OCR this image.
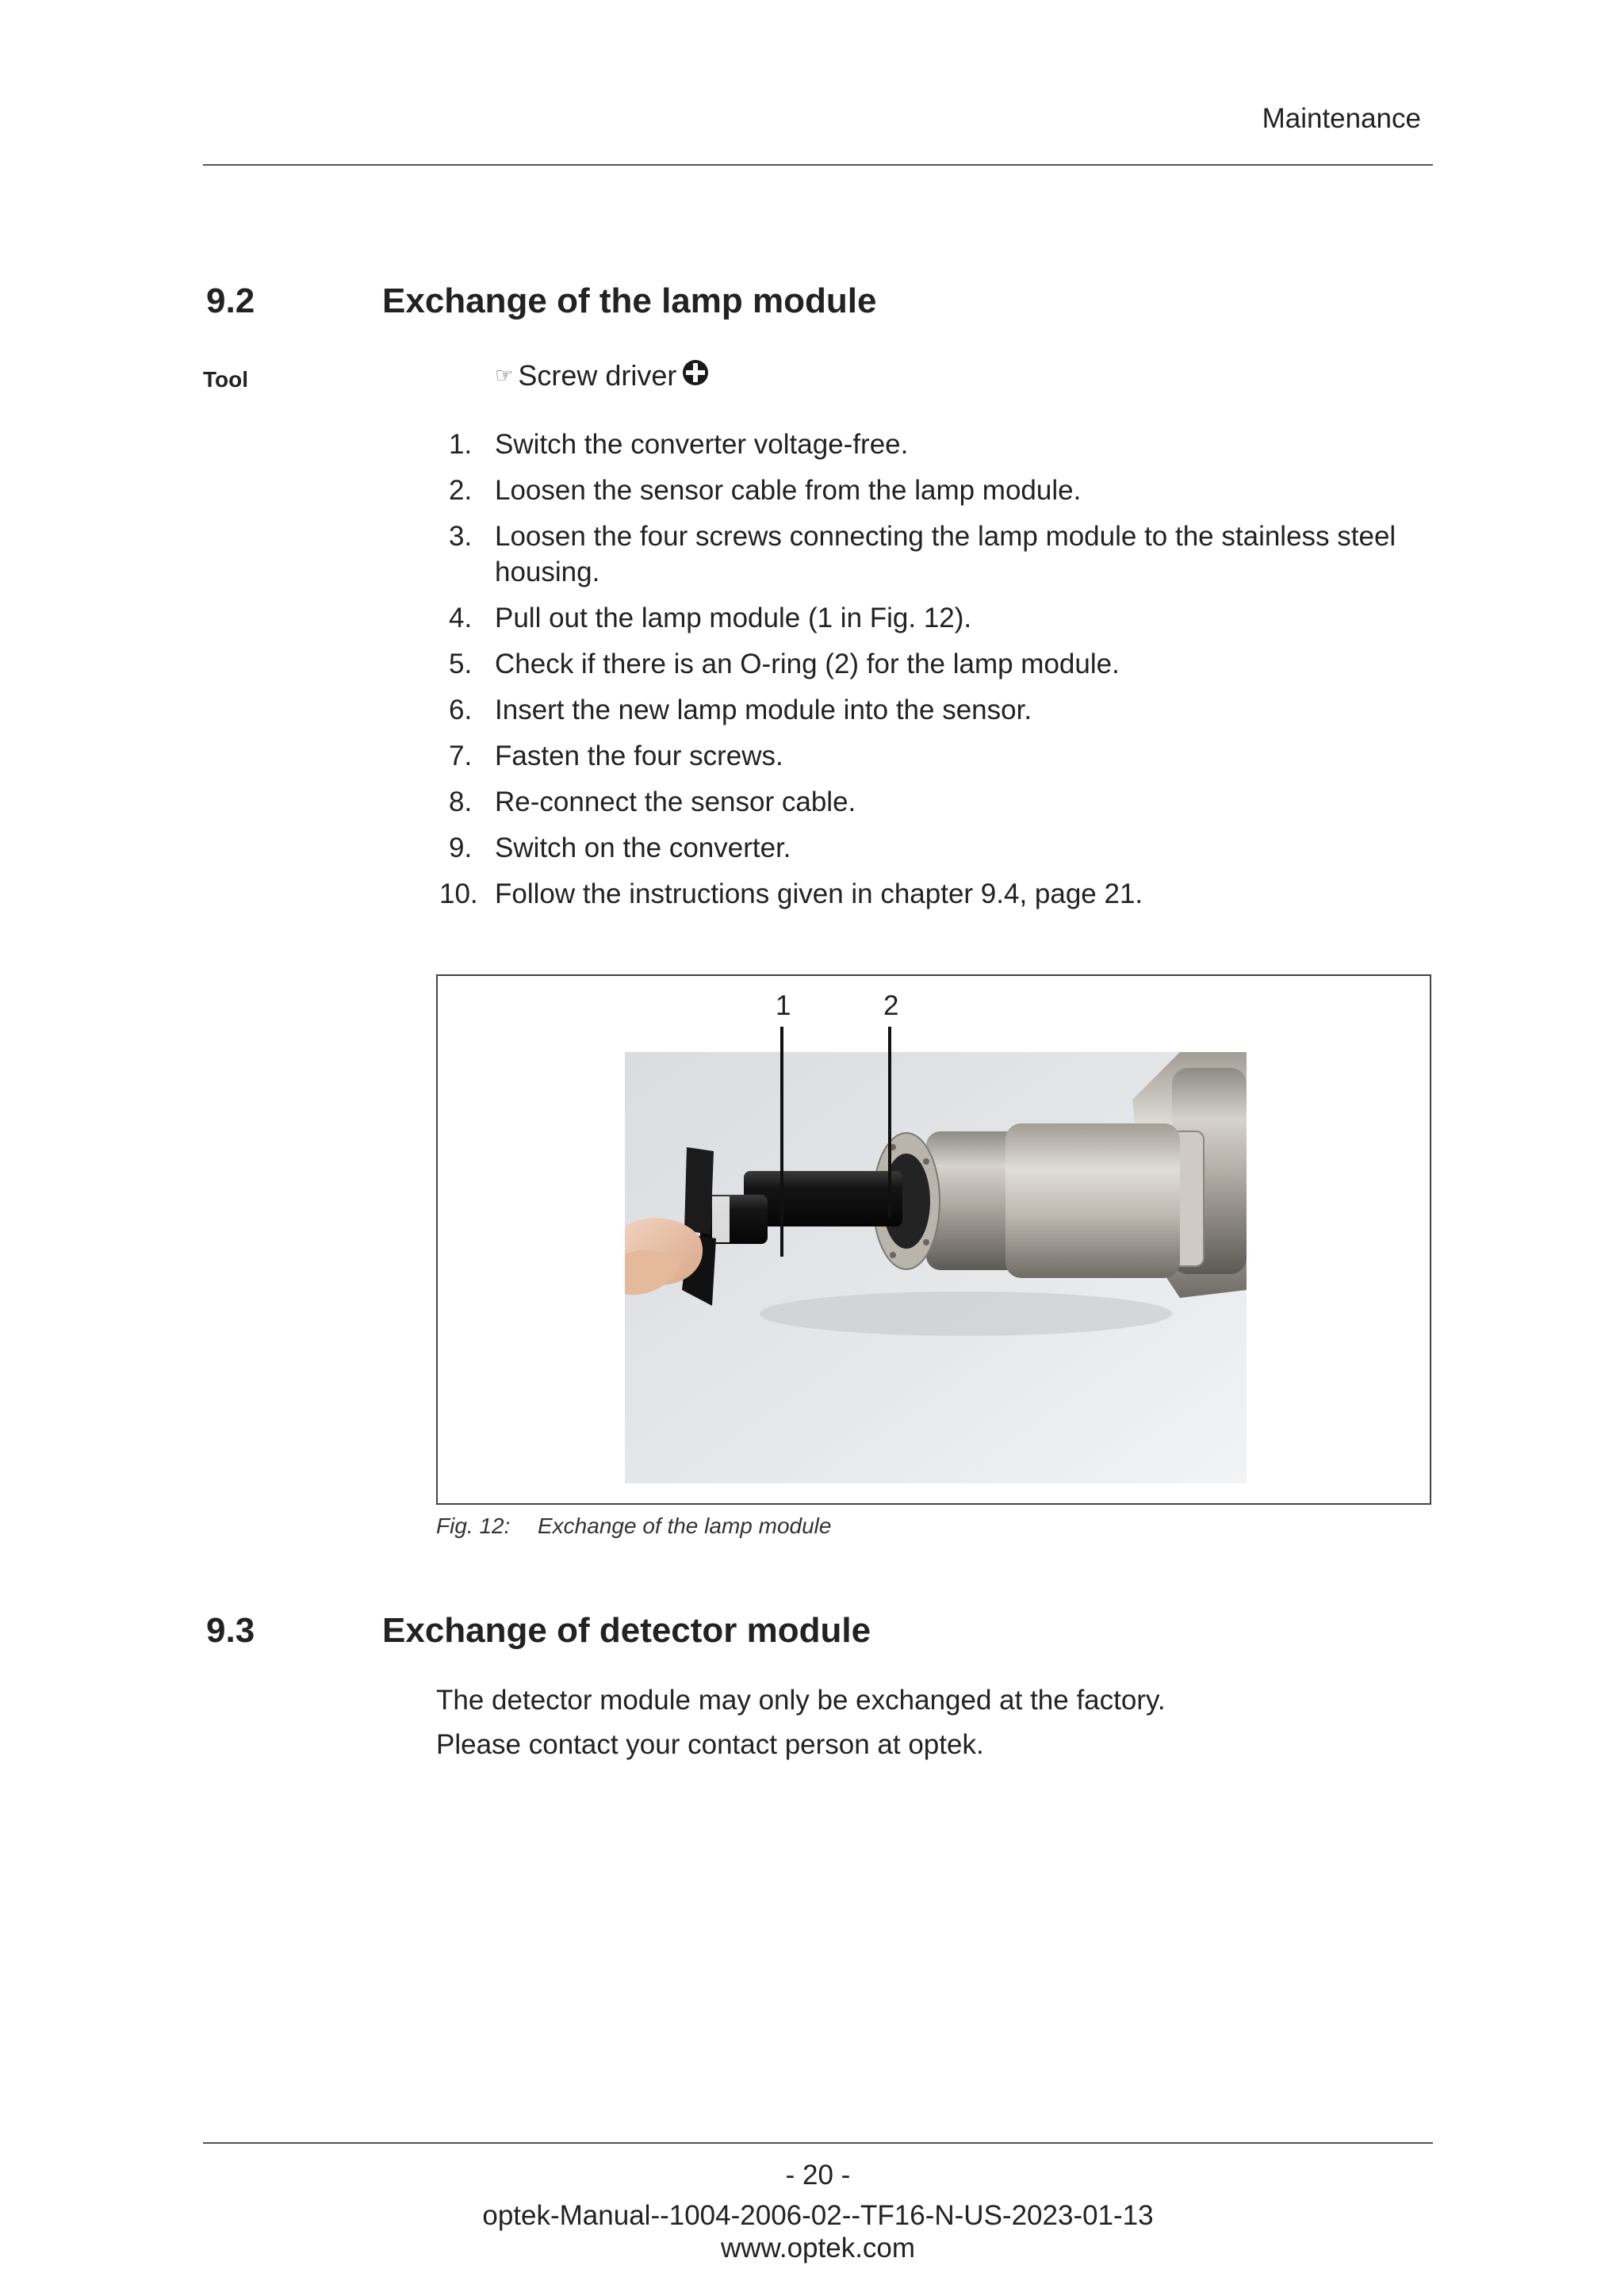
Maintenance
9.2	Exchange of the lamp module
Tool	☞ Screw driver
1. Switch the converter voltage-free.
2. Loosen the sensor cable from the lamp module.
3. Loosen the four screws connecting the lamp module to the stainless steel housing.
4. Pull out the lamp module (1 in Fig. 12).
5. Check if there is an O-ring (2) for the lamp module.
6. Insert the new lamp module into the sensor.
7. Fasten the four screws.
8. Re-connect the sensor cable.
9. Switch on the converter.
10. Follow the instructions given in chapter 9.4, page 21.
1	2
Fig. 12: Exchange of the lamp module
9.3	Exchange of detector module
The detector module may only be exchanged at the factory.
Please contact your contact person at optek.
- 20 -
optek-Manual--1004-2006-02--TF16-N-US-2023-01-13
www.optek.com
